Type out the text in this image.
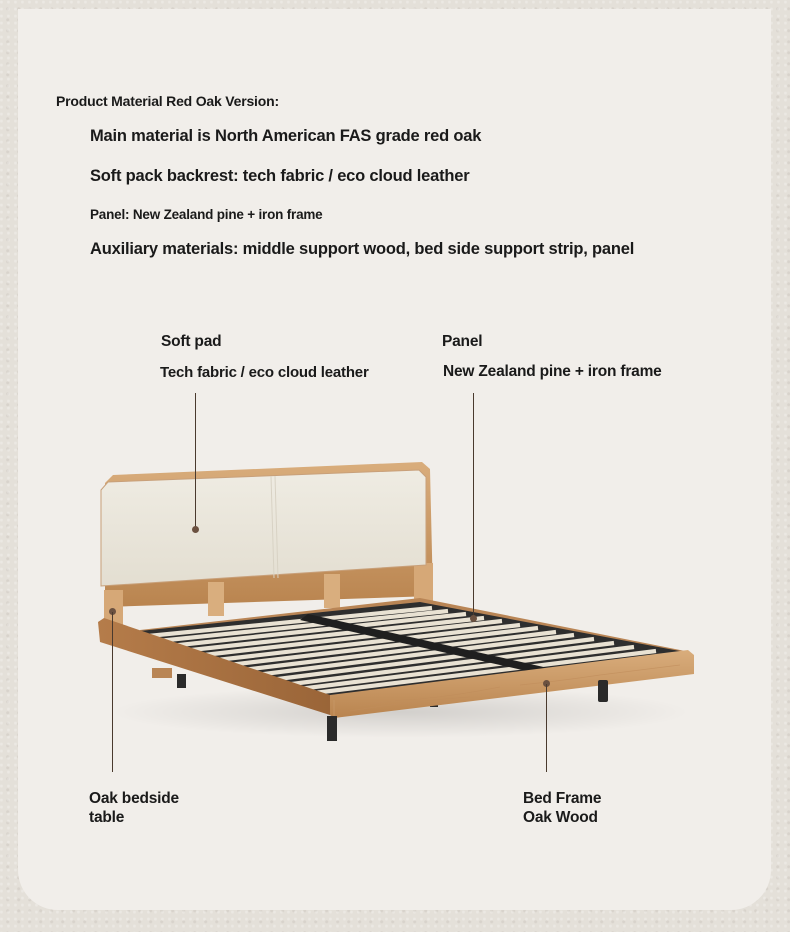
Product Material Red Oak Version:
Main material is North American FAS grade red oak
Soft pack backrest: tech fabric / eco cloud leather
Panel: New Zealand pine + iron frame
Auxiliary materials: middle support wood, bed side support strip, panel
Soft pad
Tech fabric / eco cloud leather
Panel
New Zealand pine + iron frame
Oak bedside
table
Bed Frame
Oak Wood
